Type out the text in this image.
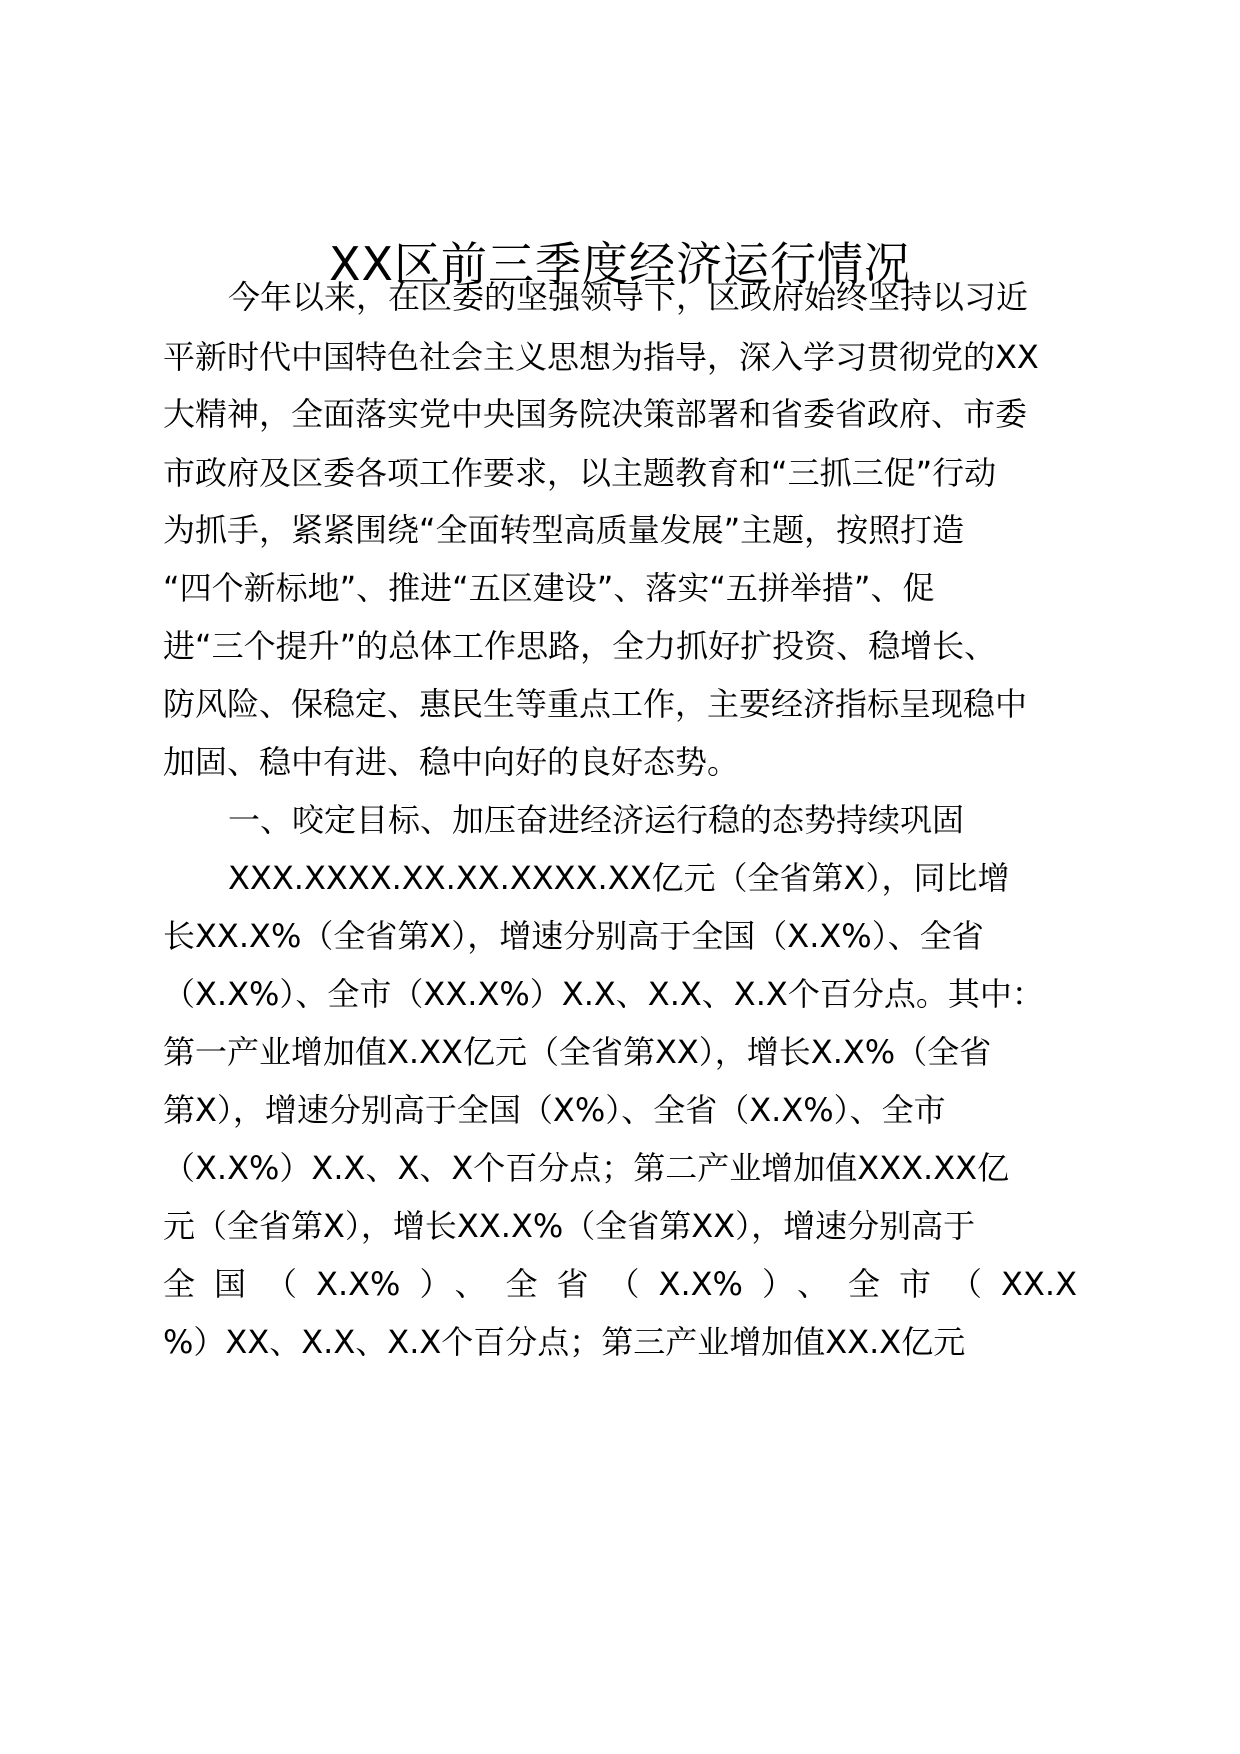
XX区前三季度经济运行情况
今年以来，在区委的坚强领导下，区政府始终坚持以习近
平新时代中国特色社会主义思想为指导，深入学习贯彻党的XX
大精神，全面落实党中央国务院决策部署和省委省政府、市委
市政府及区委各项工作要求，以主题教育和“三抓三促”行动
为抓手，紧紧围绕“全面转型高质量发展”主题，按照打造
“四个新标地”、推进“五区建设”、落实“五拼举措”、促
进“三个提升”的总体工作思路，全力抓好扩投资、稳增长、
防风险、保稳定、惠民生等重点工作，主要经济指标呈现稳中
加固、稳中有进、稳中向好的良好态势。
一、咬定目标、加压奋进经济运行稳的态势持续巩固
XXX.XXXX.XX.XX.XXXX.XX亿元（全省第X），同比增
长XX.X%（全省第X），增速分别高于全国（X.X%）、全省
（X.X%）、全市（XX.X%）X.X、X.X、X.X个百分点。其中：
第一产业增加值X.XX亿元（全省第XX），增长X.X%（全省
第X），增速分别高于全国（X%）、全省（X.X%）、全市
（X.X%）X.X、X、X个百分点；第二产业增加值XXX.XX亿
元（全省第X），增长XX.X%（全省第XX），增速分别高于
全国（X.X%）、全省（X.X%）、全市（XX.X
%）XX、X.X、X.X个百分点；第三产业增加值XX.X亿元
